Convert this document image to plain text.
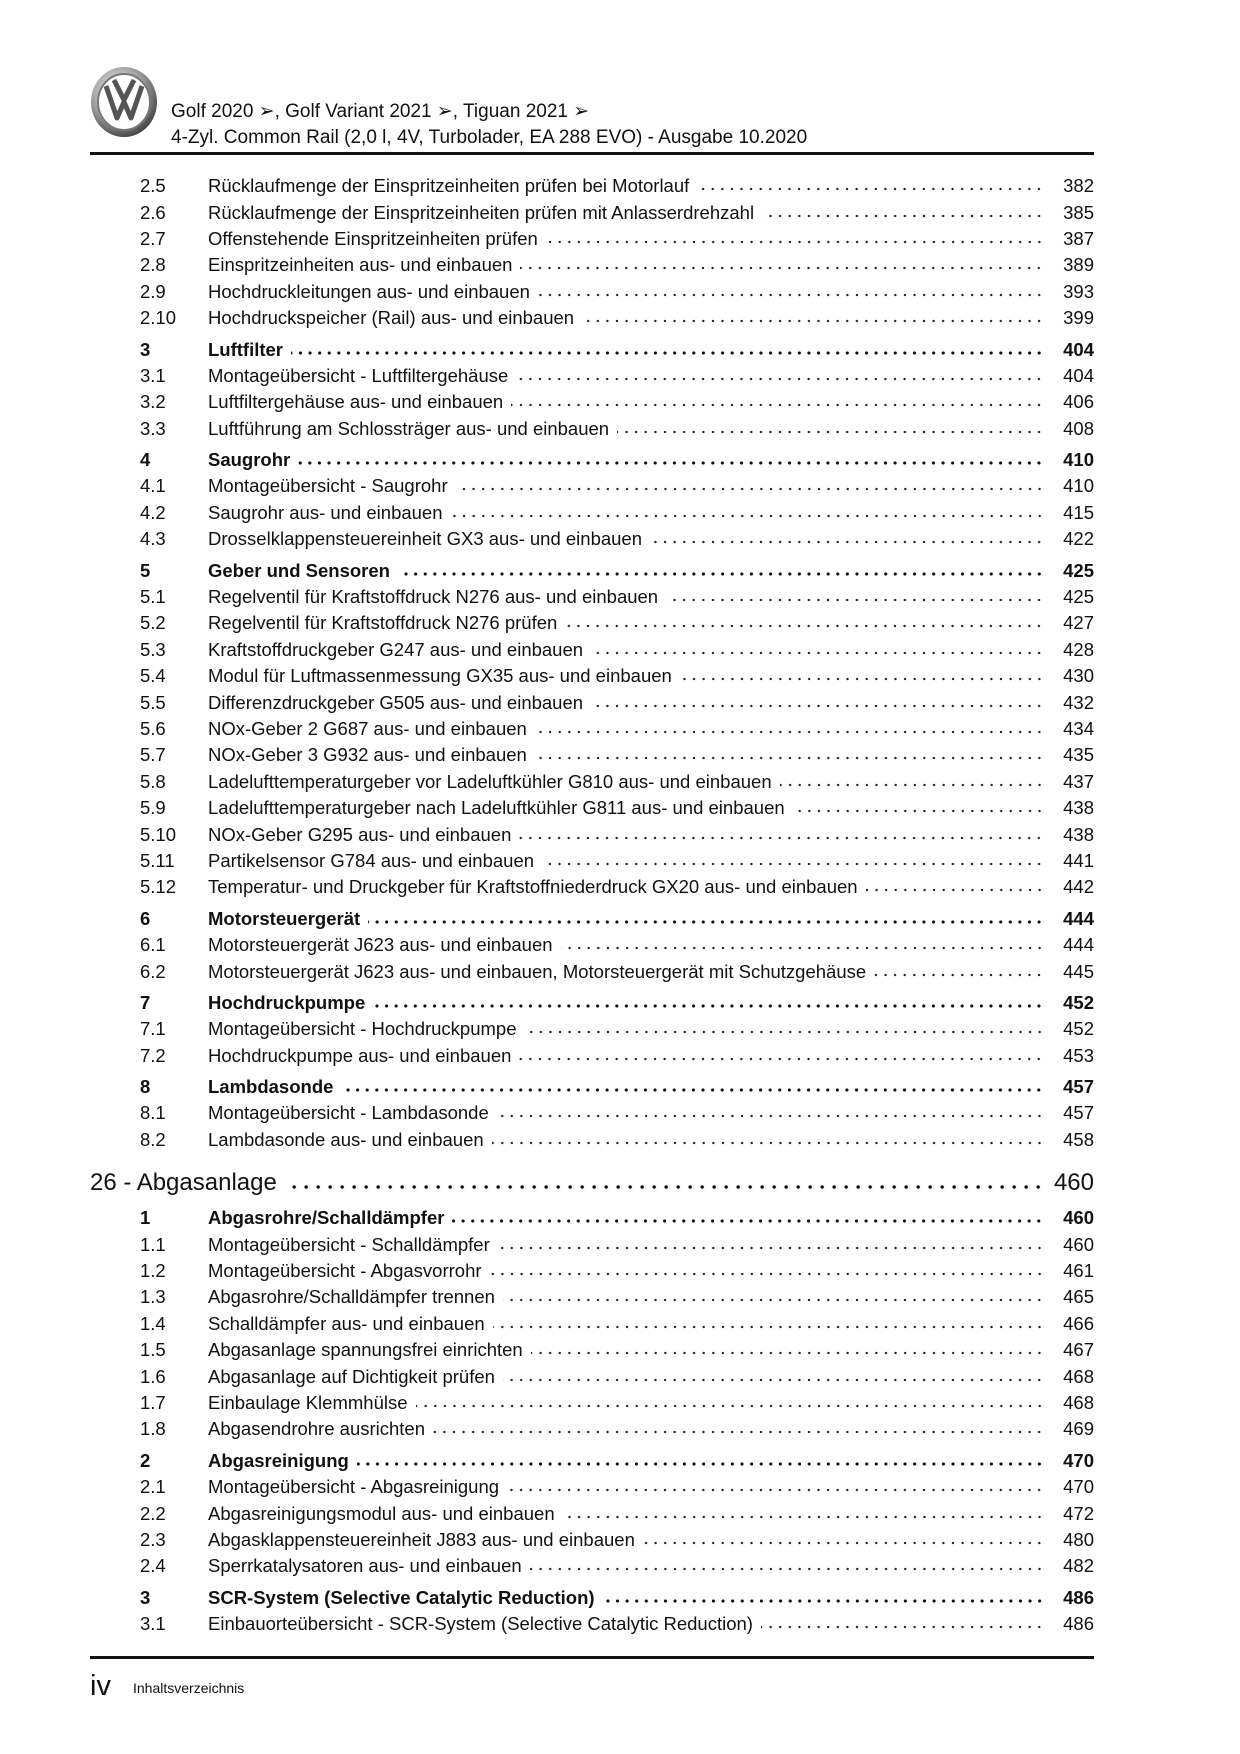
Golf 2020 ➢, Golf Variant 2021 ➢, Tiguan 2021 ➢
4-Zyl. Common Rail (2,0 l, 4V, Turbolader, EA 288 EVO) - Ausgabe 10.2020
2.5 Rücklaufmenge der Einspritzeinheiten prüfen bei Motorlauf	382
2.6 Rücklaufmenge der Einspritzeinheiten prüfen mit Anlasserdrehzahl	385
2.7 Offenstehende Einspritzeinheiten prüfen	387
2.8 Einspritzeinheiten aus- und einbauen	389
2.9 Hochdruckleitungen aus- und einbauen	393
2.10 Hochdruckspeicher (Rail) aus- und einbauen	399
3	Luftfilter	404
3.1 Montageübersicht - Luftfiltergehäuse	404
3.2 Luftfiltergehäuse aus- und einbauen	406
3.3 Luftführung am Schlossträger aus- und einbauen	408
4	Saugrohr	410
4.1 Montageübersicht - Saugrohr	410
4.2 Saugrohr aus- und einbauen	415
4.3 Drosselklappensteuereinheit GX3 aus- und einbauen	422
5	Geber und Sensoren	425
5.1 Regelventil für Kraftstoffdruck N276 aus- und einbauen	425
5.2 Regelventil für Kraftstoffdruck N276 prüfen	427
5.3 Kraftstoffdruckgeber G247 aus- und einbauen	428
5.4 Modul für Luftmassenmessung GX35 aus- und einbauen	430
5.5 Differenzdruckgeber G505 aus- und einbauen	432
5.6 NOx-Geber 2 G687 aus- und einbauen	434
5.7 NOx-Geber 3 G932 aus- und einbauen	435
5.8 Ladelufttemperaturgeber vor Ladeluftkühler G810 aus- und einbauen	437
5.9 Ladelufttemperaturgeber nach Ladeluftkühler G811 aus- und einbauen	438
5.10 NOx-Geber G295 aus- und einbauen	438
5.11 Partikelsensor G784 aus- und einbauen	441
5.12 Temperatur- und Druckgeber für Kraftstoffniederdruck GX20 aus- und einbauen	442
6	Motorsteuergerät	444
6.1 Motorsteuergerät J623 aus- und einbauen	444
6.2 Motorsteuergerät J623 aus- und einbauen, Motorsteuergerät mit Schutzgehäuse	445
7	Hochdruckpumpe	452
7.1 Montageübersicht - Hochdruckpumpe	452
7.2 Hochdruckpumpe aus- und einbauen	453
8	Lambdasonde	457
8.1 Montageübersicht - Lambdasonde	457
8.2 Lambdasonde aus- und einbauen	458
26 - Abgasanlage	460
1	Abgasrohre/Schalldämpfer	460
1.1 Montageübersicht - Schalldämpfer	460
1.2 Montageübersicht - Abgasvorrohr	461
1.3 Abgasrohre/Schalldämpfer trennen	465
1.4 Schalldämpfer aus- und einbauen	466
1.5 Abgasanlage spannungsfrei einrichten	467
1.6 Abgasanlage auf Dichtigkeit prüfen	468
1.7 Einbaulage Klemmhülse	468
1.8 Abgasendrohre ausrichten	469
2	Abgasreinigung	470
2.1 Montageübersicht - Abgasreinigung	470
2.2 Abgasreinigungsmodul aus- und einbauen	472
2.3 Abgasklappensteuereinheit J883 aus- und einbauen	480
2.4 Sperrkatalysatoren aus- und einbauen	482
3	SCR-System (Selective Catalytic Reduction)	486
3.1 Einbauorteübersicht - SCR-System (Selective Catalytic Reduction)	486
iv Inhaltsverzeichnis
